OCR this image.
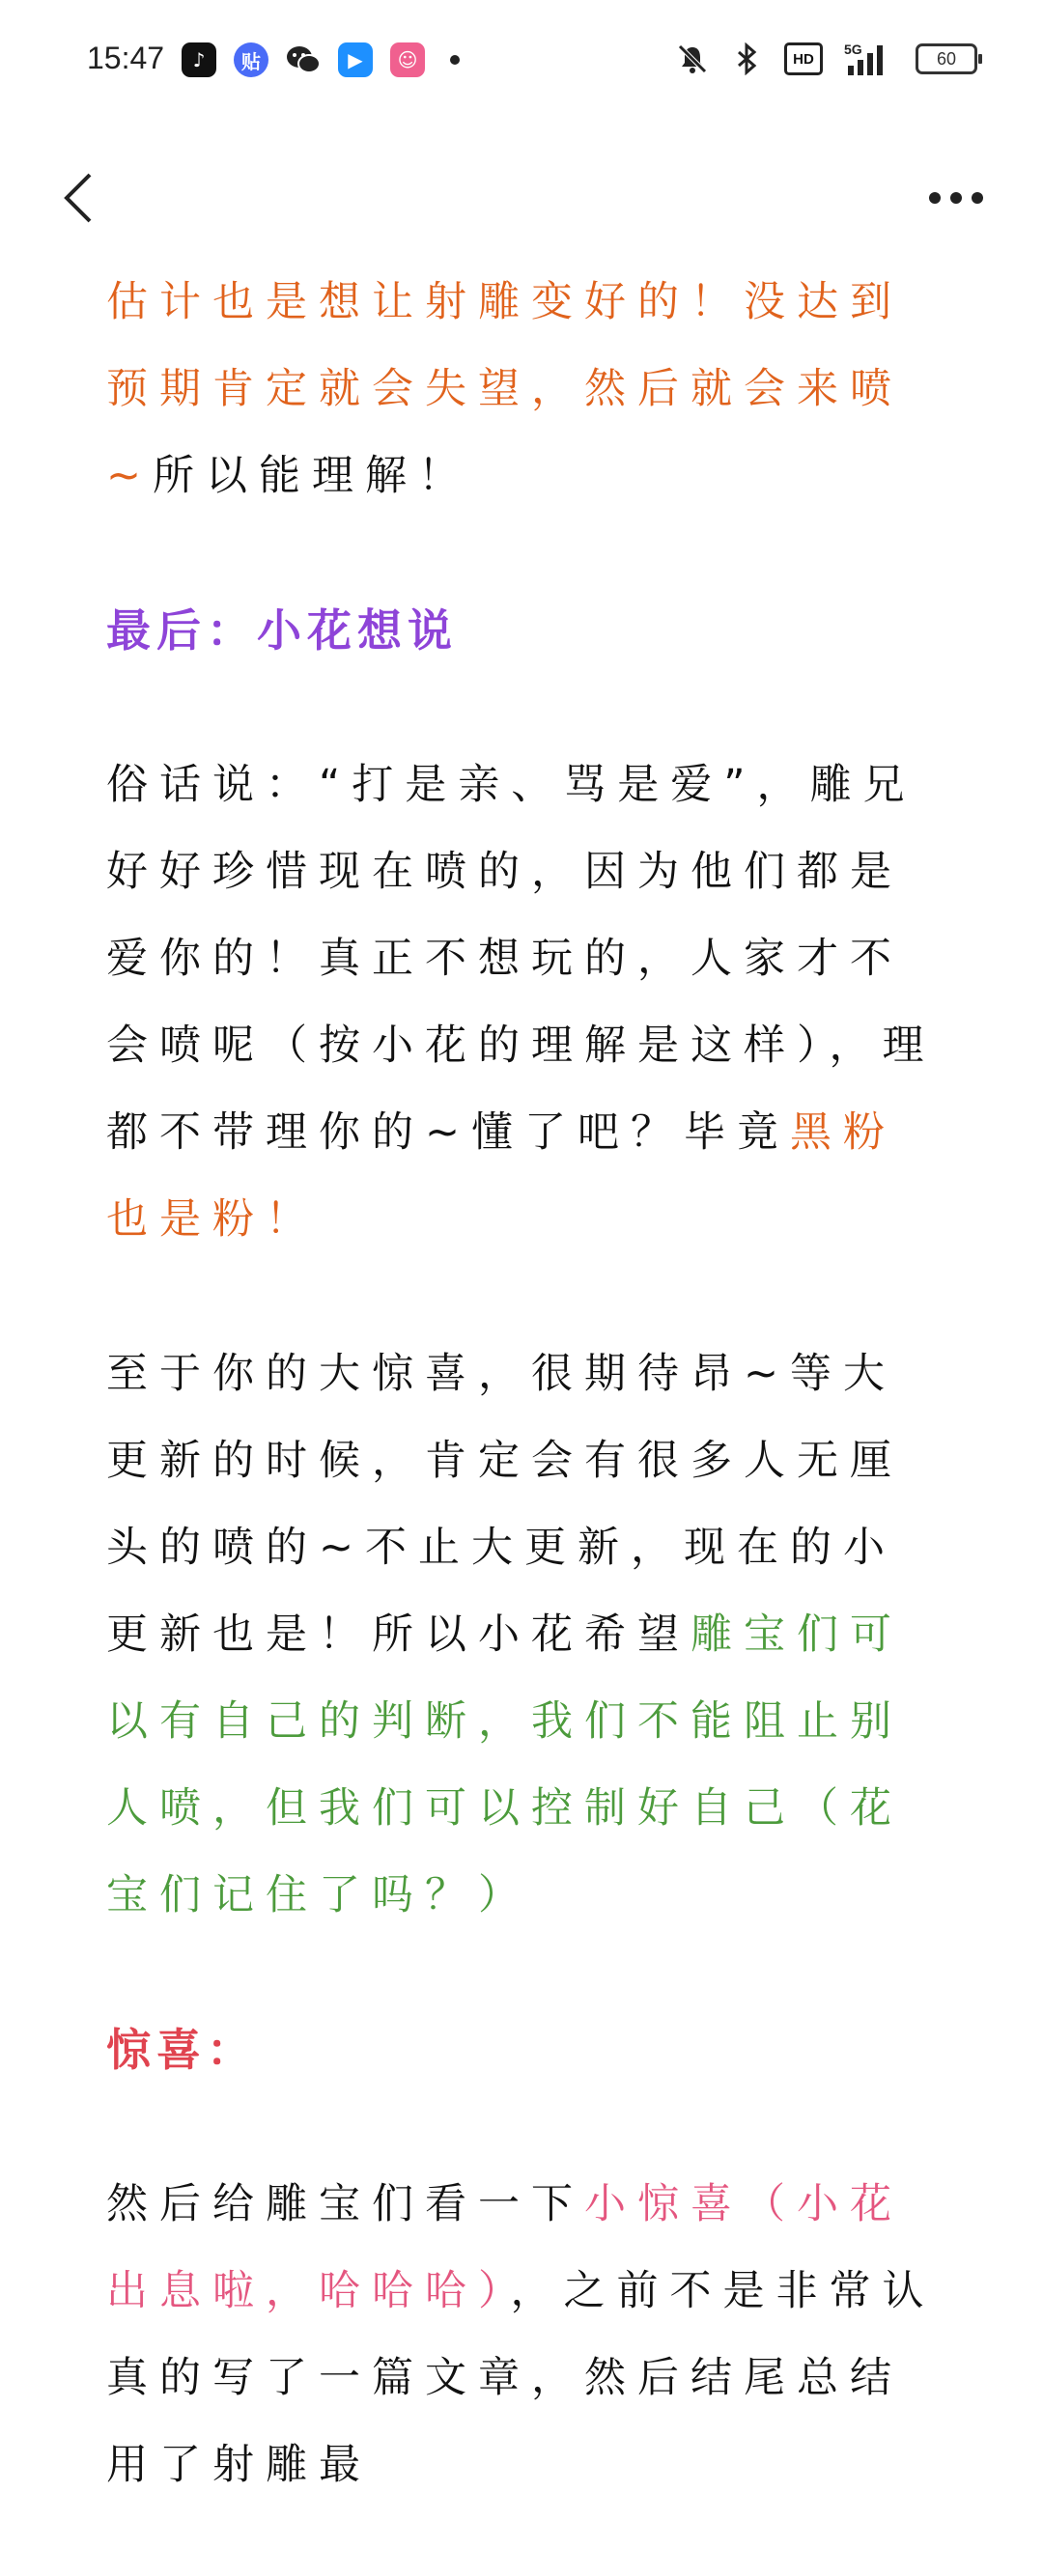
15:47	♪	贴	▶	☺	HD
5G	60

估计也是想让射雕变好的！没达到预期肯定就会失望，然后就会来喷~所以能理解！

最后：小花想说

俗话说：“打是亲、骂是爱”，雕兄好好珍惜现在喷的，因为他们都是爱你的！真正不想玩的，人家才不会喷呢（按小花的理解是这样），理都不带理你的~懂了吧？毕竟黑粉也是粉！

至于你的大惊喜，很期待昂~等大更新的时候，肯定会有很多人无厘头的喷的~不止大更新，现在的小更新也是！所以小花希望雕宝们可以有自己的判断，我们不能阻止别人喷，但我们可以控制好自己（花宝们记住了吗？）

惊喜：

然后给雕宝们看一下小惊喜（小花出息啦，哈哈哈），之前不是非常认真的写了一篇文章，然后结尾总结用了射雕最
